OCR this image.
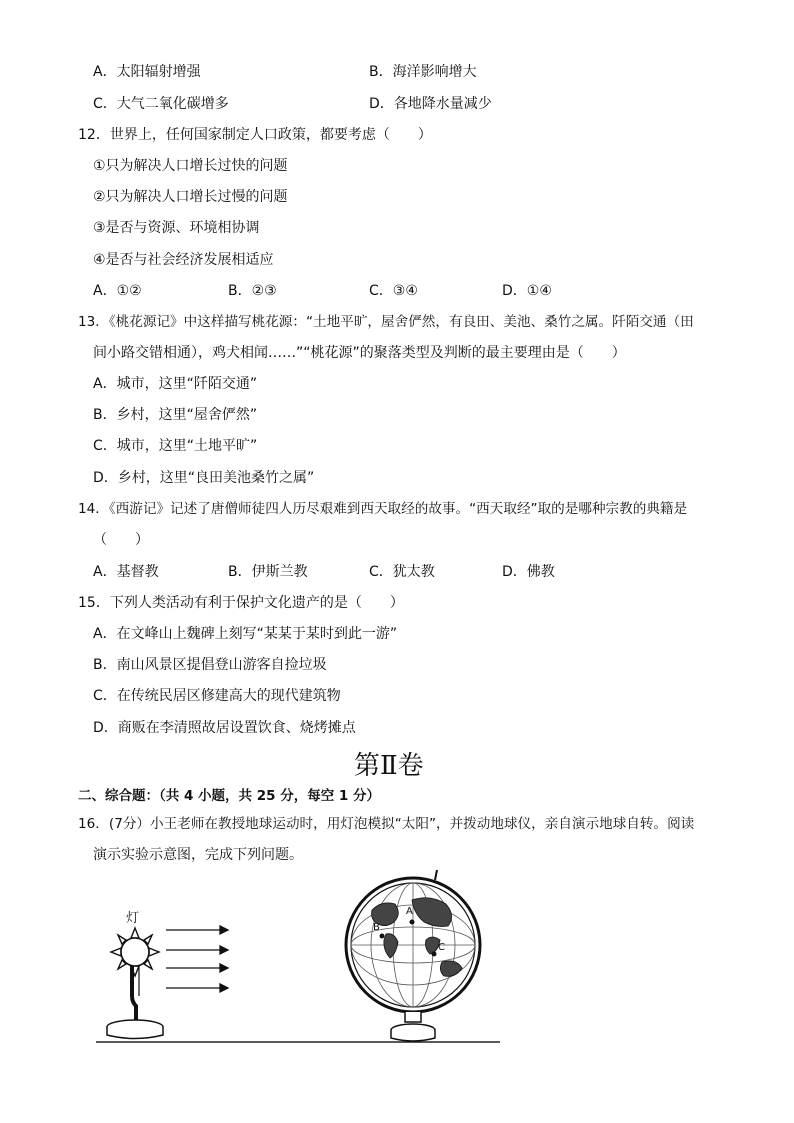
A．太阳辐射增强	B．海洋影响增大
C．大气二氧化碳增多	D．各地降水量减少
12．世界上，任何国家制定人口政策，都要考虑（　　）
①只为解决人口增长过快的问题
②只为解决人口增长过慢的问题
③是否与资源、环境相协调
④是否与社会经济发展相适应
A．①②	B．②③	C．③④	D．①④
13．《桃花源记》中这样描写桃花源：“土地平旷，屋舍俨然，有良田、美池、桑竹之属。阡陌交通（田
间小路交错相通），鸡犬相闻……”“桃花源”的聚落类型及判断的最主要理由是（　　）
A．城市，这里“阡陌交通”
B．乡村，这里“屋舍俨然”
C．城市，这里“土地平旷”
D．乡村，这里“良田美池桑竹之属”
14．《西游记》记述了唐僧师徒四人历尽艰难到西天取经的故事。“西天取经”取的是哪种宗教的典籍是
（　　）
A．基督教	B．伊斯兰教	C．犹太教	D．佛教
15．下列人类活动有利于保护文化遗产的是（　　）
A．在文峰山上魏碑上刻写“某某于某时到此一游”
B．南山风景区提倡登山游客自捡垃圾
C．在传统民居区修建高大的现代建筑物
D．商贩在李清照故居设置饮食、烧烤摊点
第Ⅱ卷
二、综合题：（共 4 小题，共 25 分，每空 1 分）
16．(7分）小王老师在教授地球运动时，用灯泡模拟“太阳”，并拨动地球仪，亲自演示地球自转。阅读
演示实验示意图，完成下列问题。
灯	A
B
C
